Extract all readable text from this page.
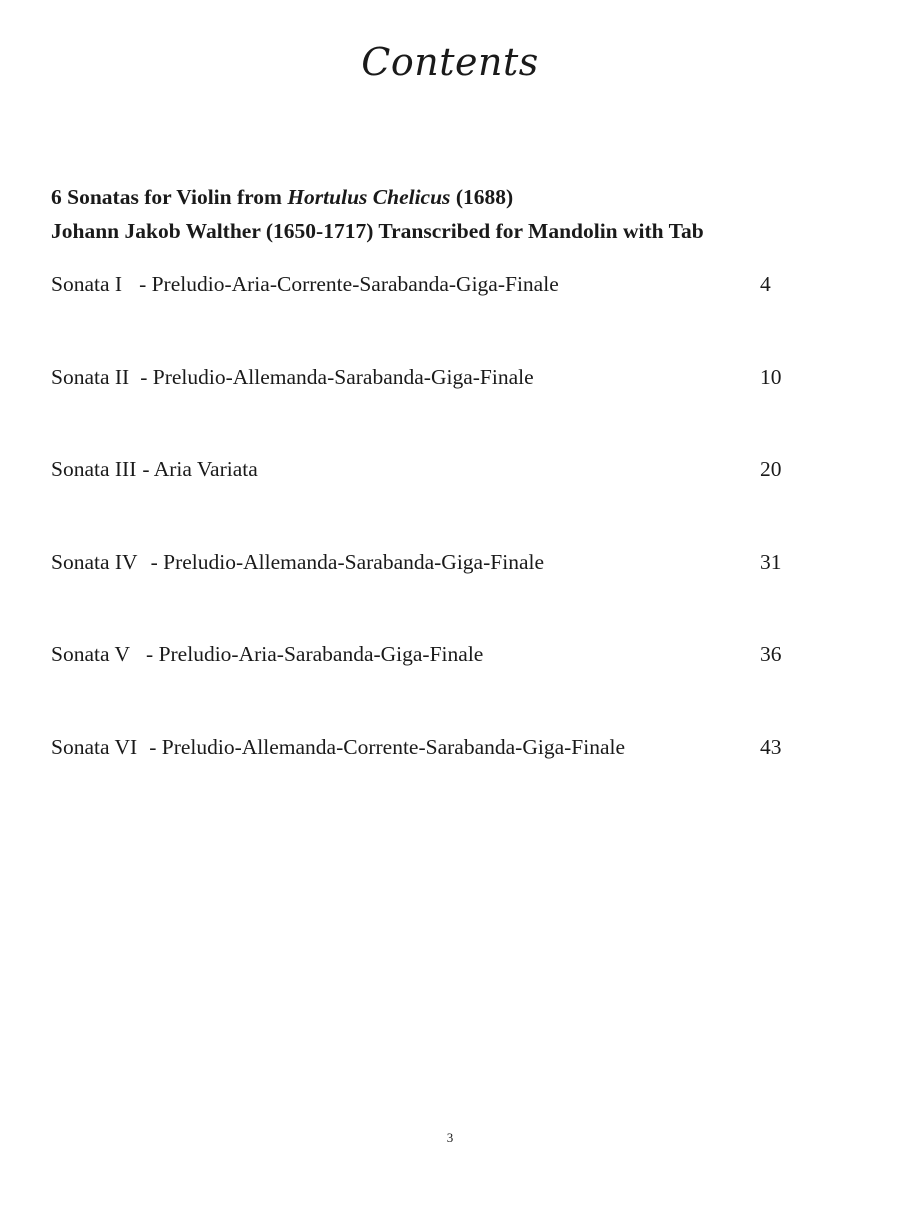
Contents
6 Sonatas for Violin from Hortulus Chelicus (1688)
Johann Jakob Walther (1650-1717) Transcribed for Mandolin with Tab
Sonata I - Preludio-Aria-Corrente-Sarabanda-Giga-Finale	4
Sonata II - Preludio-Allemanda-Sarabanda-Giga-Finale	10
Sonata III - Aria Variata	20
Sonata IV - Preludio-Allemanda-Sarabanda-Giga-Finale	31
Sonata V - Preludio-Aria-Sarabanda-Giga-Finale	36
Sonata VI - Preludio-Allemanda-Corrente-Sarabanda-Giga-Finale	43
3
